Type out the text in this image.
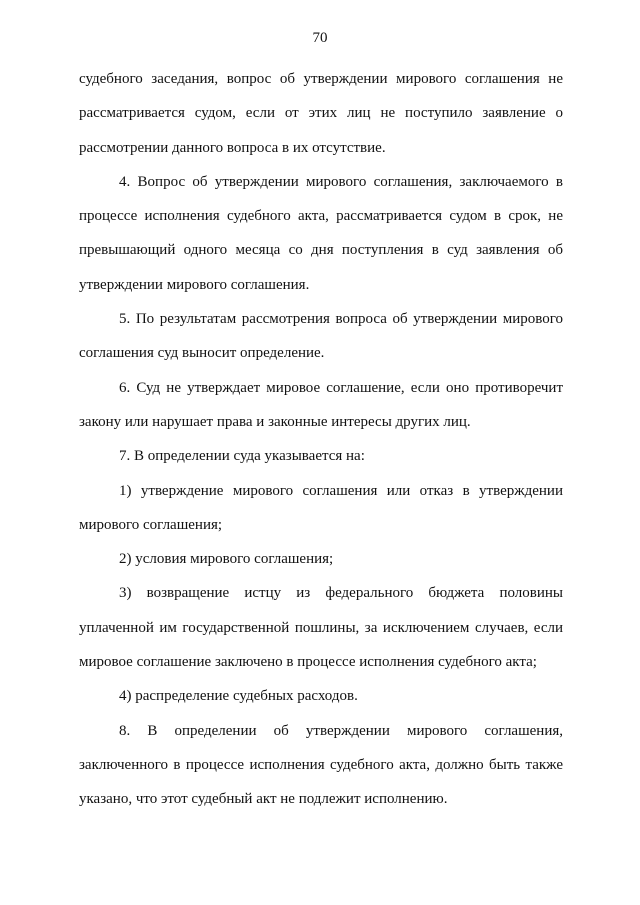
70

судебного заседания, вопрос об утверждении мирового соглашения не рассматривается судом, если от этих лиц не поступило заявление о рассмотрении данного вопроса в их отсутствие.

4. Вопрос об утверждении мирового соглашения, заключаемого в процессе исполнения судебного акта, рассматривается судом в срок, не превышающий одного месяца со дня поступления в суд заявления об утверждении мирового соглашения.

5. По результатам рассмотрения вопроса об утверждении мирового соглашения суд выносит определение.

6. Суд не утверждает мировое соглашение, если оно противоречит закону или нарушает права и законные интересы других лиц.

7. В определении суда указывается на:

1) утверждение мирового соглашения или отказ в утверждении мирового соглашения;

2) условия мирового соглашения;

3) возвращение истцу из федерального бюджета половины уплаченной им государственной пошлины, за исключением случаев, если мировое соглашение заключено в процессе исполнения судебного акта;

4) распределение судебных расходов.

8. В определении об утверждении мирового соглашения, заключенного в процессе исполнения судебного акта, должно быть также указано, что этот судебный акт не подлежит исполнению.
